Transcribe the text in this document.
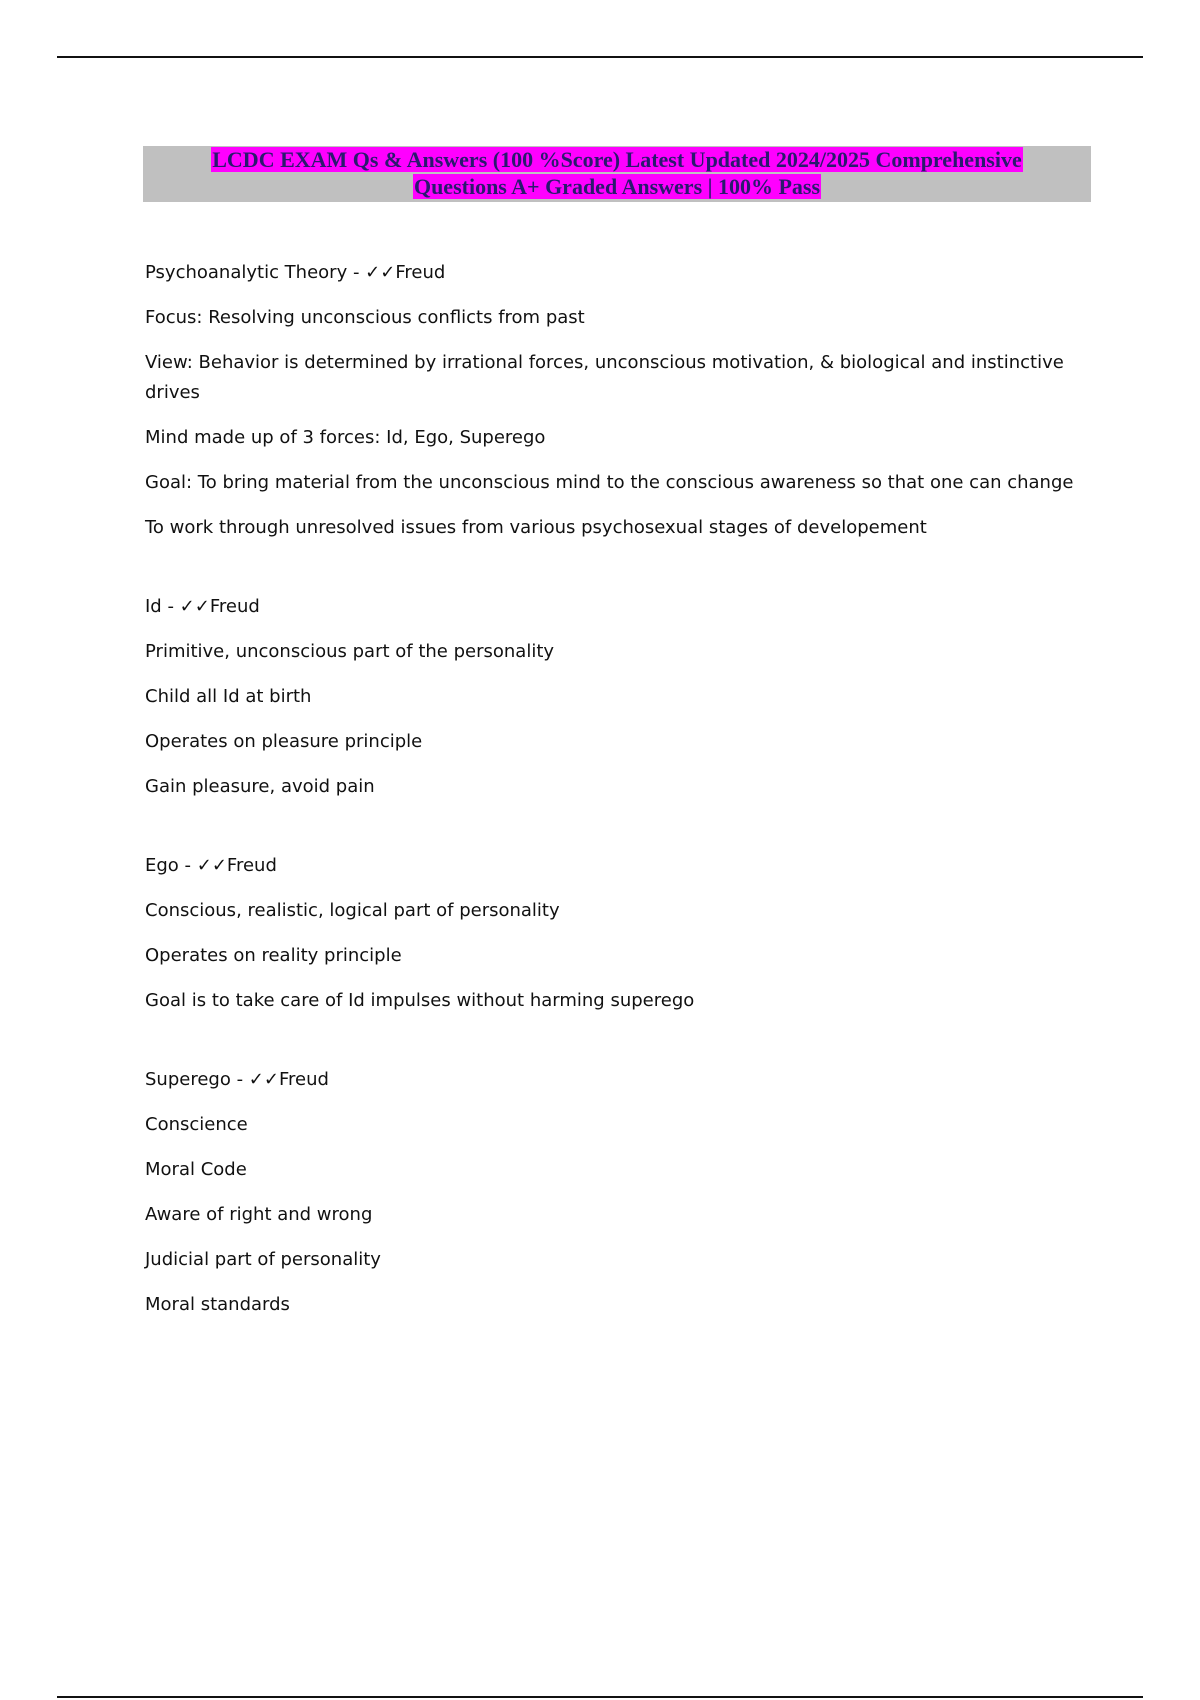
LCDC EXAM Qs & Answers (100 %Score) Latest Updated 2024/2025 Comprehensive
Questions A+ Graded Answers | 100% Pass

Psychoanalytic Theory - ✓✓Freud

Focus: Resolving unconscious conflicts from past

View: Behavior is determined by irrational forces, unconscious motivation, & biological and instinctive drives

Mind made up of 3 forces: Id, Ego, Superego

Goal: To bring material from the unconscious mind to the conscious awareness so that one can change

To work through unresolved issues from various psychosexual stages of developement

Id - ✓✓Freud

Primitive, unconscious part of the personality

Child all Id at birth

Operates on pleasure principle

Gain pleasure, avoid pain

Ego - ✓✓Freud

Conscious, realistic, logical part of personality

Operates on reality principle

Goal is to take care of Id impulses without harming superego

Superego - ✓✓Freud

Conscience

Moral Code

Aware of right and wrong

Judicial part of personality

Moral standards
